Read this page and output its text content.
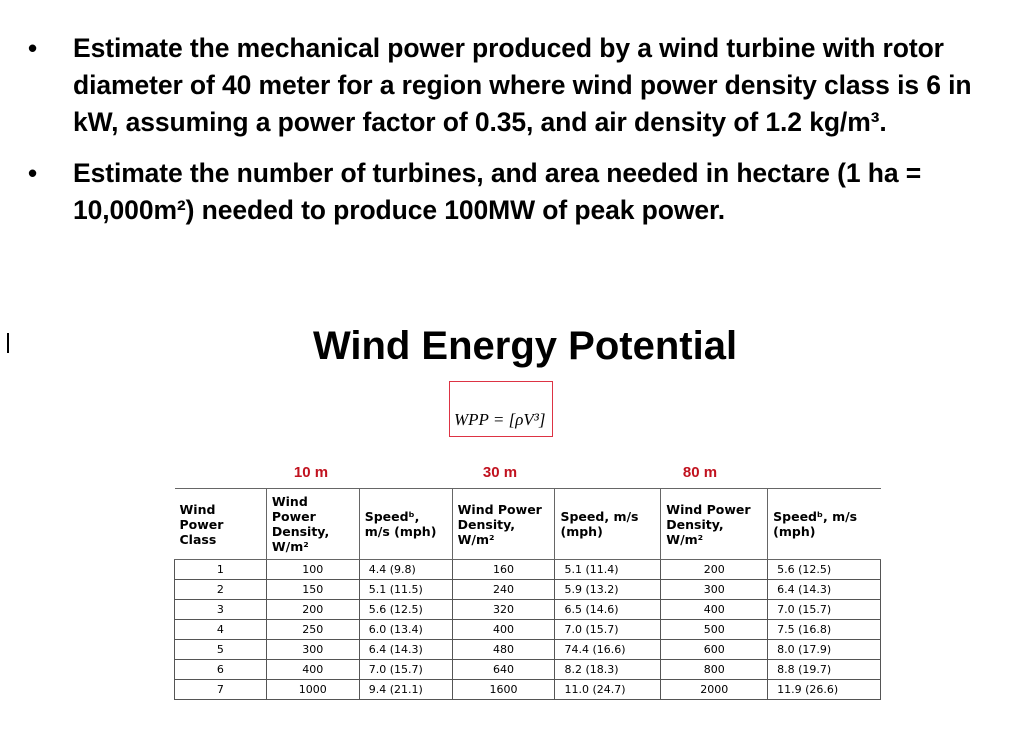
•	Estimate the mechanical power produced by a wind turbine with rotor diameter of 40 meter for a region where wind power density class is 6 in kW, assuming a power factor of 0.35, and air density of 1.2 kg/m³.
•	Estimate the number of turbines, and area needed in hectare (1 ha = 10,000m²) needed to produce 100MW of peak power.
Wind Energy Potential
WPP = [ρV³]
10 m	30 m	80 m
Wind Power Class	Wind Power Density, W/m²	Speedᵇ, m/s (mph)	Wind Power Density, W/m²	Speed, m/s (mph)	Wind Power Density, W/m²	Speedᵇ, m/s (mph)
1	100	4.4 (9.8)	160	5.1 (11.4)	200	5.6 (12.5)
2	150	5.1 (11.5)	240	5.9 (13.2)	300	6.4 (14.3)
3	200	5.6 (12.5)	320	6.5 (14.6)	400	7.0 (15.7)
4	250	6.0 (13.4)	400	7.0 (15.7)	500	7.5 (16.8)
5	300	6.4 (14.3)	480	74.4 (16.6)	600	8.0 (17.9)
6	400	7.0 (15.7)	640	8.2 (18.3)	800	8.8 (19.7)
7	1000	9.4 (21.1)	1600	11.0 (24.7)	2000	11.9 (26.6)
